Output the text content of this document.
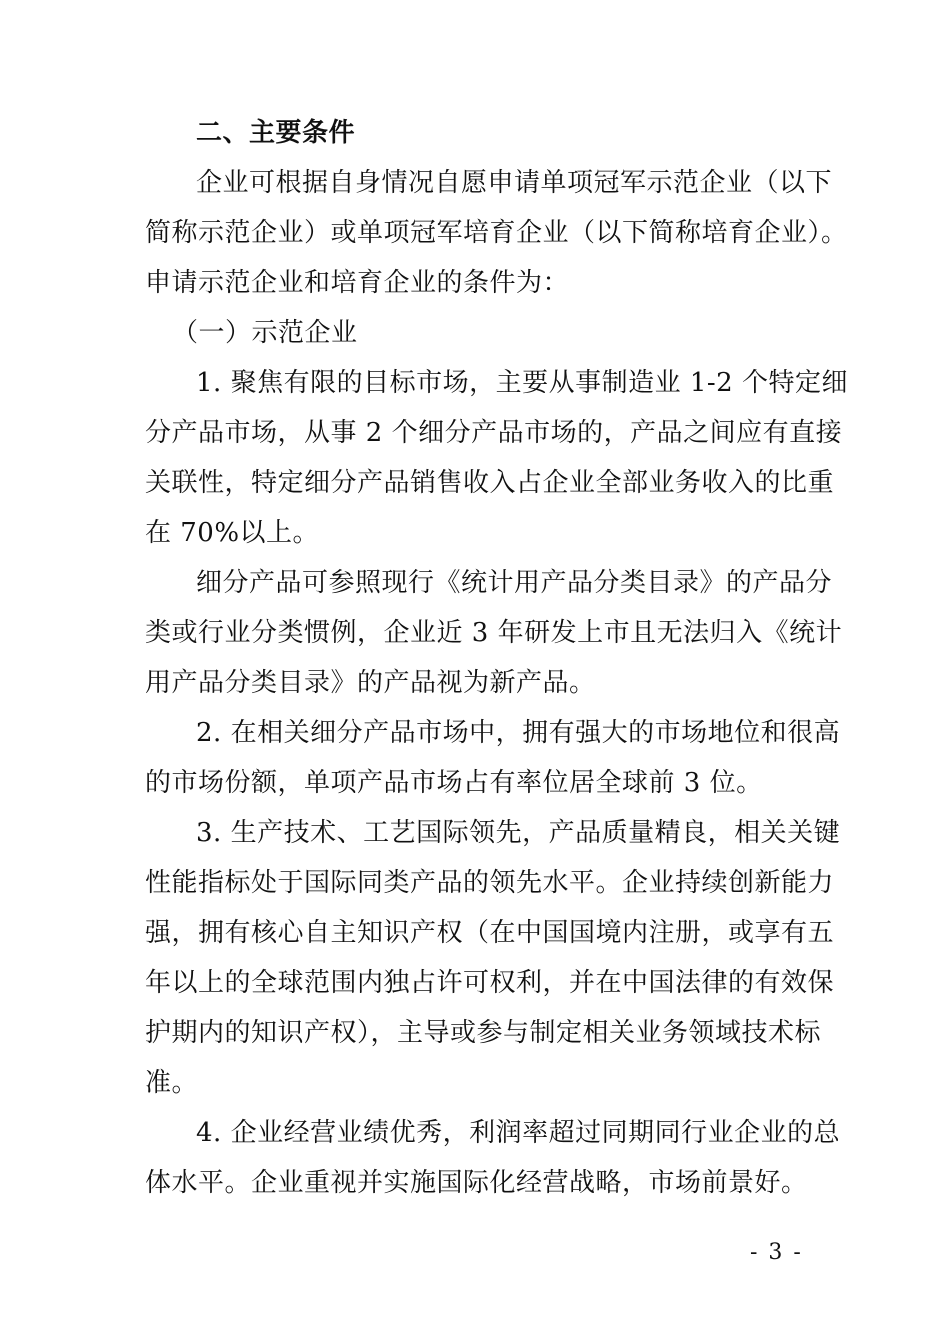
二、主要条件
企业可根据自身情况自愿申请单项冠军示范企业（以下
简称示范企业）或单项冠军培育企业（以下简称培育企业）。
申请示范企业和培育企业的条件为：
（一）示范企业
1. 聚焦有限的目标市场，主要从事制造业 1-2 个特定细
分产品市场，从事 2 个细分产品市场的，产品之间应有直接
关联性，特定细分产品销售收入占企业全部业务收入的比重
在 70%以上。
细分产品可参照现行《统计用产品分类目录》的产品分
类或行业分类惯例，企业近 3 年研发上市且无法归入《统计
用产品分类目录》的产品视为新产品。
2. 在相关细分产品市场中，拥有强大的市场地位和很高
的市场份额，单项产品市场占有率位居全球前 3 位。
3. 生产技术、工艺国际领先，产品质量精良，相关关键
性能指标处于国际同类产品的领先水平。企业持续创新能力
强，拥有核心自主知识产权（在中国国境内注册，或享有五
年以上的全球范围内独占许可权利，并在中国法律的有效保
护期内的知识产权），主导或参与制定相关业务领域技术标
准。
4. 企业经营业绩优秀，利润率超过同期同行业企业的总
体水平。企业重视并实施国际化经营战略，市场前景好。
- 3 -
